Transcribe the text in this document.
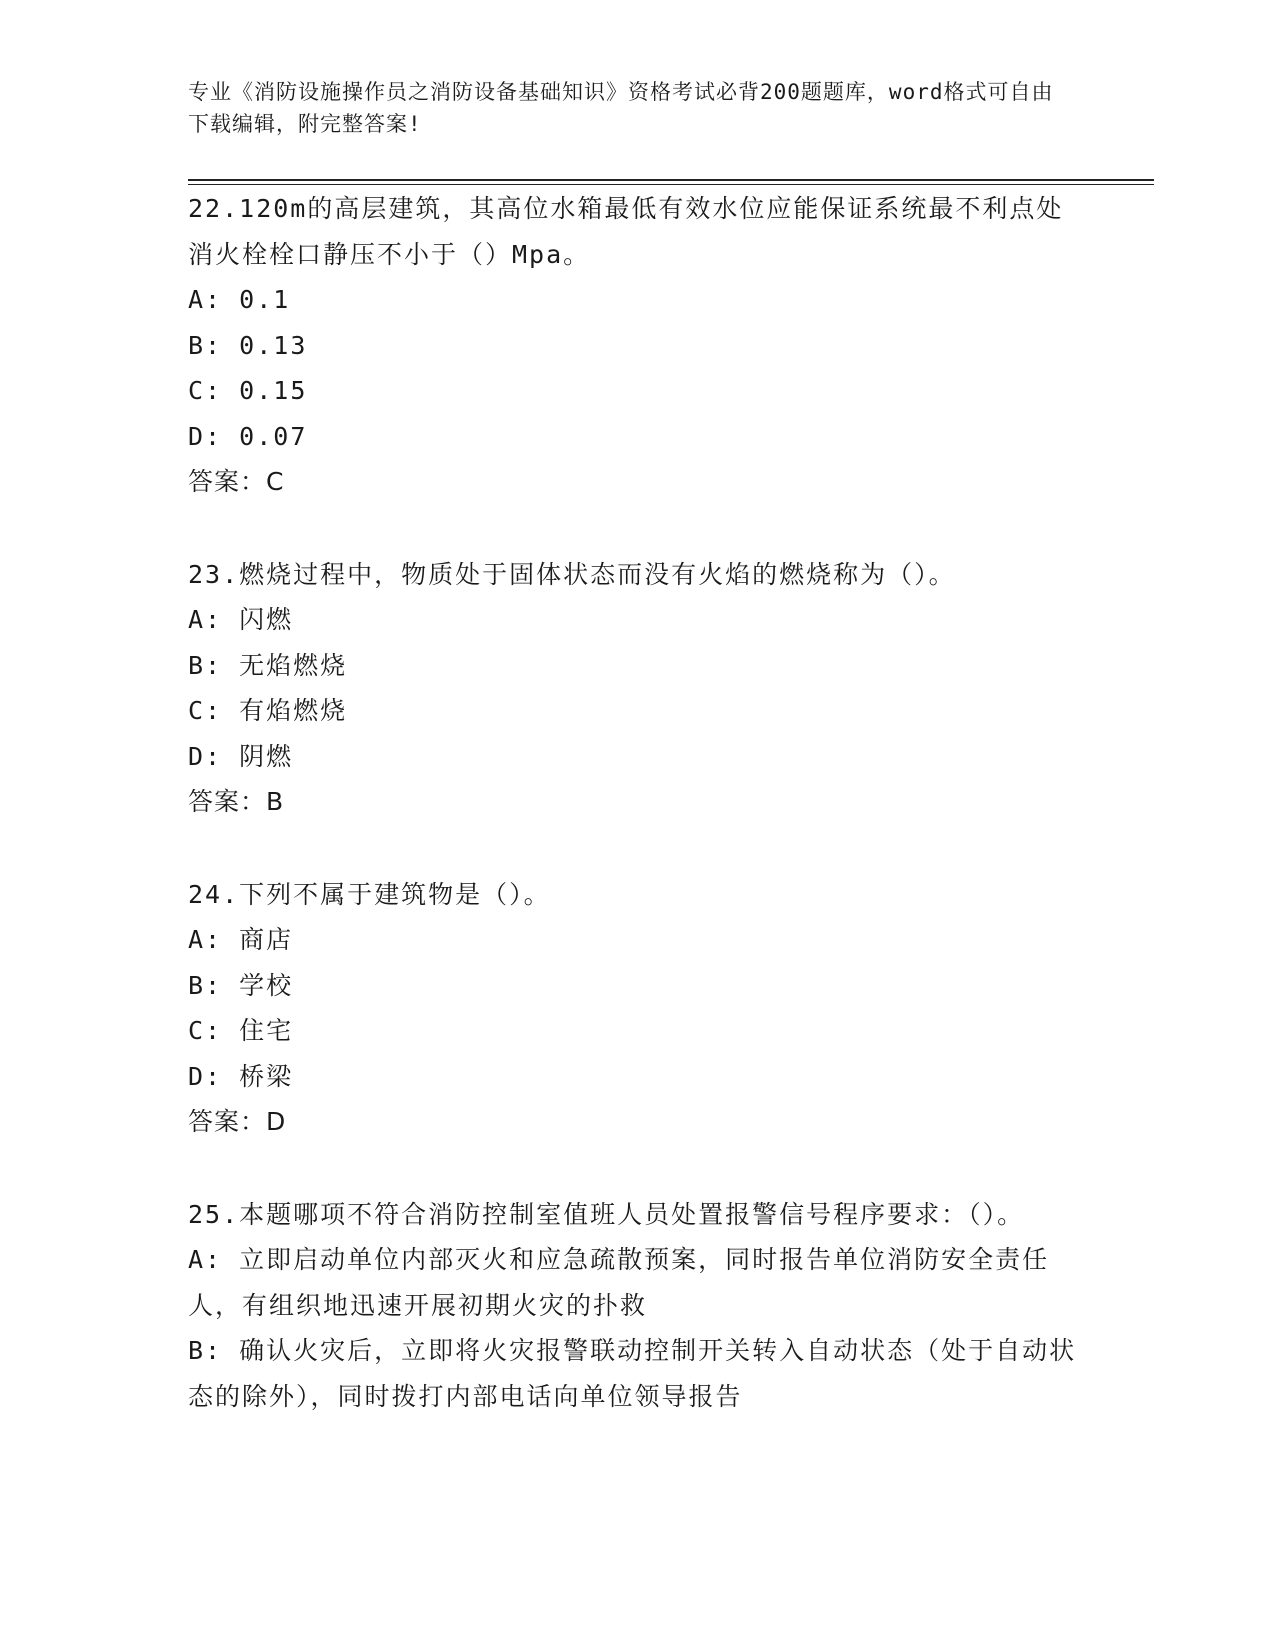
专业《消防设施操作员之消防设备基础知识》资格考试必背200题题库，word格式可自由下载编辑，附完整答案!
22.120m的高层建筑，其高位水箱最低有效水位应能保证系统最不利点处消火栓栓口静压不小于（）Mpa。
A: 0.1
B: 0.13
C: 0.15
D: 0.07
答案：C
23.燃烧过程中，物质处于固体状态而没有火焰的燃烧称为（）。
A: 闪燃
B: 无焰燃烧
C: 有焰燃烧
D: 阴燃
答案：B
24.下列不属于建筑物是（）。
A: 商店
B: 学校
C: 住宅
D: 桥梁
答案：D
25.本题哪项不符合消防控制室值班人员处置报警信号程序要求：（）。
A: 立即启动单位内部灭火和应急疏散预案，同时报告单位消防安全责任人，有组织地迅速开展初期火灾的扑救
B: 确认火灾后，立即将火灾报警联动控制开关转入自动状态（处于自动状态的除外），同时拨打内部电话向单位领导报告
